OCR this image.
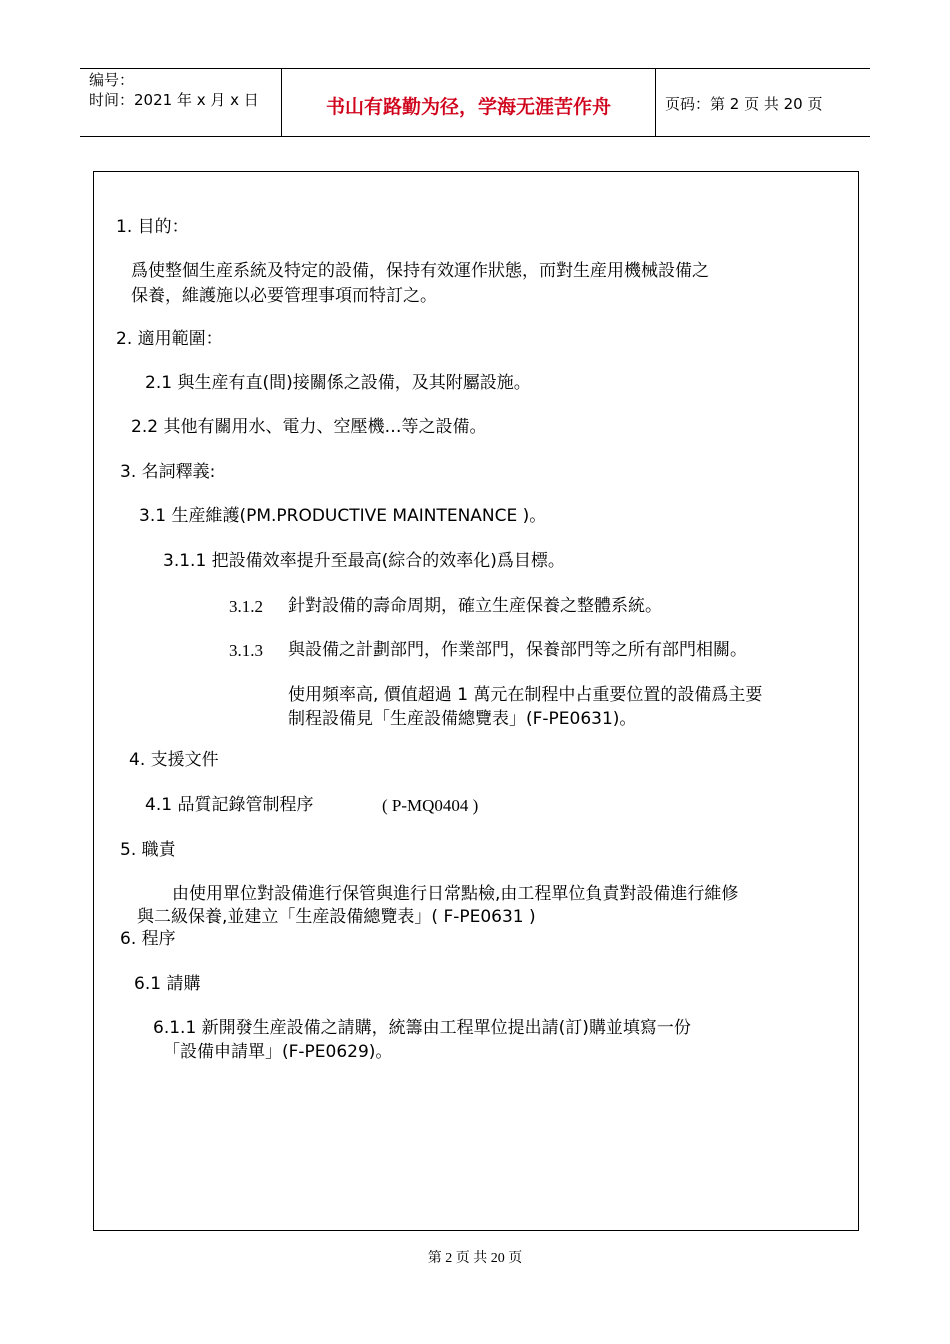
编号：
时间：2021 年 x 月 x 日	书山有路勤为径，学海无涯苦作舟	页码：第 2 页 共 20 页
1. 目的：
爲使整個生産系統及特定的設備，保持有效運作狀態，而對生産用機械設備之
保養，維護施以必要管理事項而特訂之。
2. 適用範圍：
2.1 與生産有直(間)接關係之設備，及其附屬設施。
2.2 其他有關用水、電力、空壓機…等之設備。
3. 名詞釋義:
3.1 生産維護(PM.PRODUCTIVE MAINTENANCE )。
3.1.1 把設備效率提升至最高(綜合的效率化)爲目標。
3.1.2 針對設備的壽命周期，確立生産保養之整體系統。
3.1.3 與設備之計劃部門，作業部門，保養部門等之所有部門相關。
使用頻率高, 價值超過 1 萬元在制程中占重要位置的設備爲主要
制程設備見「生産設備總覽表」(F-PE0631)。
4. 支援文件
4.1 品質記錄管制程序	( P-MQ0404 )
5. 職責
由使用單位對設備進行保管與進行日常點檢,由工程單位負責對設備進行維修
與二級保養,並建立「生産設備總覽表」( F-PE0631 )
6. 程序
6.1 請購
6.1.1 新開發生産設備之請購，統籌由工程單位提出請(訂)購並填寫一份
「設備申請單」(F-PE0629)。
第 2 页 共 20 页
